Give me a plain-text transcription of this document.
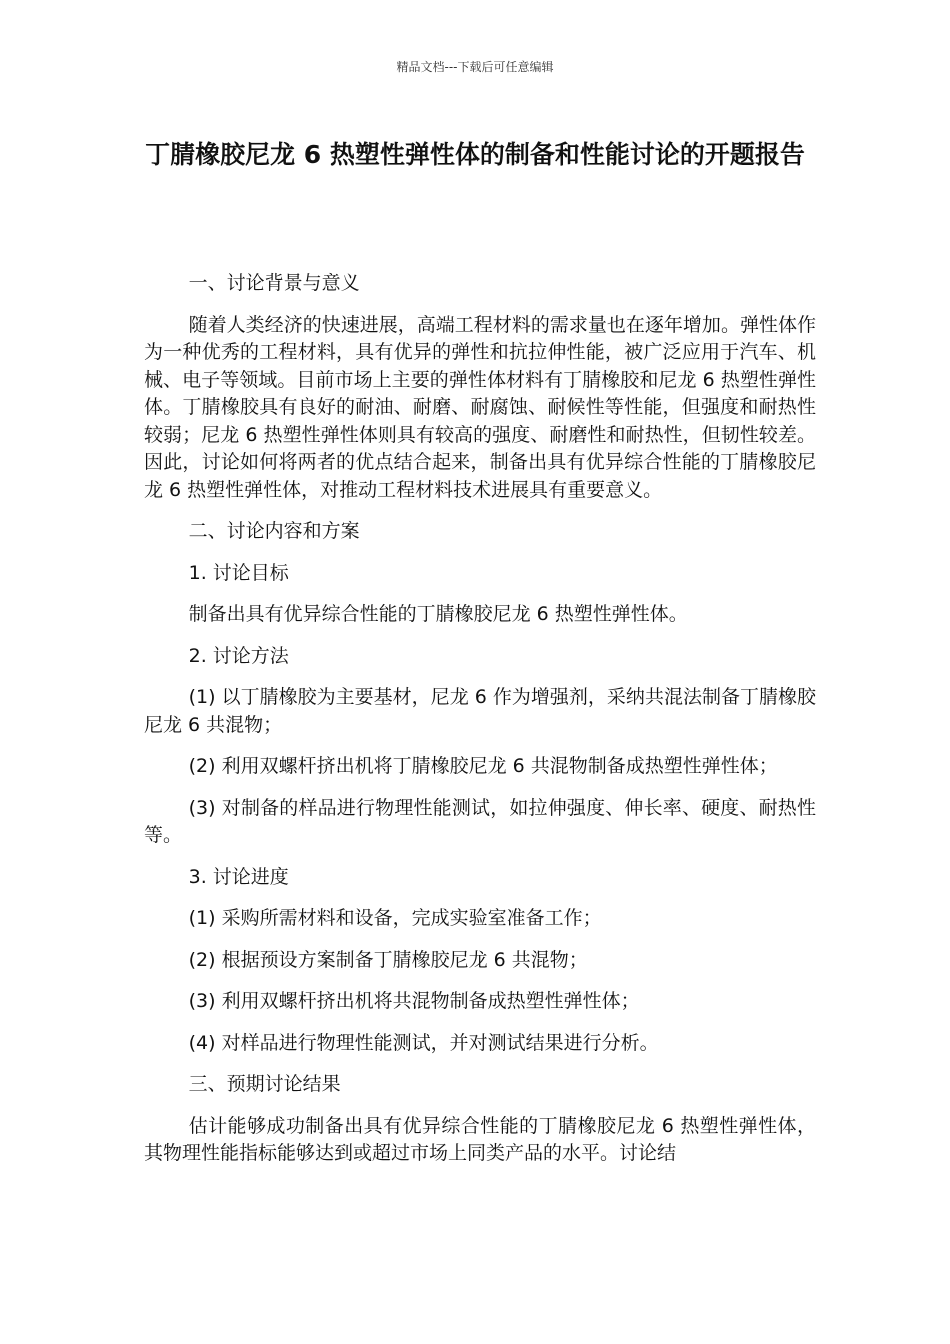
精品文档---下载后可任意编辑
丁腈橡胶尼龙 6 热塑性弹性体的制备和性能讨论的开题报告

一、讨论背景与意义

随着人类经济的快速进展，高端工程材料的需求量也在逐年增加。弹性体作为一种优秀的工程材料，具有优异的弹性和抗拉伸性能，被广泛应用于汽车、机械、电子等领域。目前市场上主要的弹性体材料有丁腈橡胶和尼龙 6 热塑性弹性体。丁腈橡胶具有良好的耐油、耐磨、耐腐蚀、耐候性等性能，但强度和耐热性较弱；尼龙 6 热塑性弹性体则具有较高的强度、耐磨性和耐热性，但韧性较差。因此，讨论如何将两者的优点结合起来，制备出具有优异综合性能的丁腈橡胶尼龙 6 热塑性弹性体，对推动工程材料技术进展具有重要意义。

二、讨论内容和方案

1. 讨论目标

制备出具有优异综合性能的丁腈橡胶尼龙 6 热塑性弹性体。

2. 讨论方法

(1) 以丁腈橡胶为主要基材，尼龙 6 作为增强剂，采纳共混法制备丁腈橡胶尼龙 6 共混物；

(2) 利用双螺杆挤出机将丁腈橡胶尼龙 6 共混物制备成热塑性弹性体；

(3) 对制备的样品进行物理性能测试，如拉伸强度、伸长率、硬度、耐热性等。

3. 讨论进度

(1) 采购所需材料和设备，完成实验室准备工作；

(2) 根据预设方案制备丁腈橡胶尼龙 6 共混物；

(3) 利用双螺杆挤出机将共混物制备成热塑性弹性体；

(4) 对样品进行物理性能测试，并对测试结果进行分析。

三、预期讨论结果

估计能够成功制备出具有优异综合性能的丁腈橡胶尼龙 6 热塑性弹性体，其物理性能指标能够达到或超过市场上同类产品的水平。讨论结
